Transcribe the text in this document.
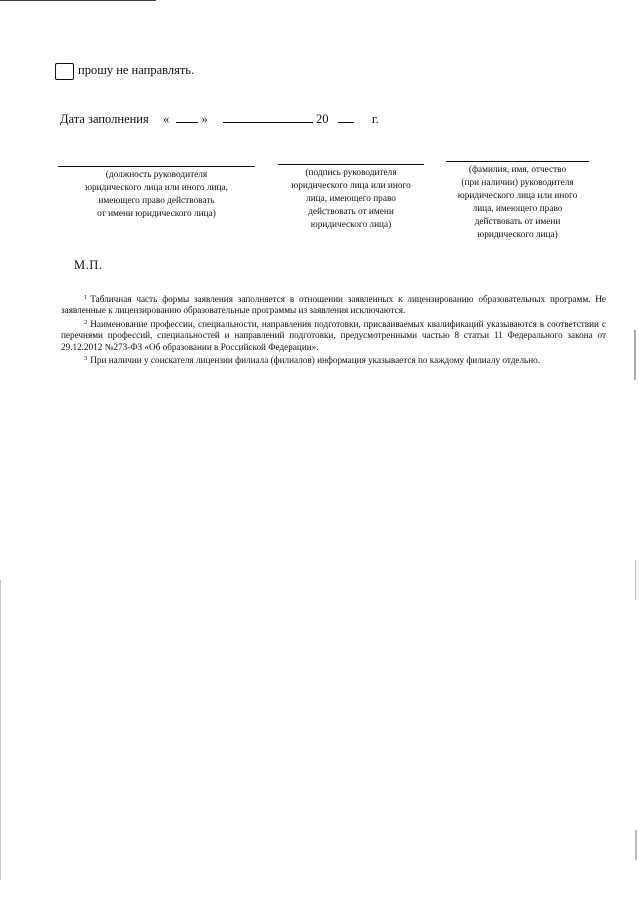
прошу не направлять.
Дата заполнения «	»	20	г.
(должность руководителя
юридического лица или иного лица,
имеющего право действовать
от имени юридического лица)
(подпись руководителя
юридического лица или иного
лица, имеющего право
действовать от имени
юридического лица)
(фамилия, имя, отчество
(при наличии) руководителя
юридического лица или иного
лица, имеющего право
действовать от имени
юридического лица)
М.П.

$^1$ Табличная часть формы заявления заполняется в отношении заявленных к лицензированию образовательных программ. Не заявленные к лицензированию образовательные программы из заявления исключаются.

$^2$ Наименование профессии, специальности, направления подготовки, присваиваемых квалификаций указываются в соответствии с перечнями профессий, специальностей и направлений подготовки, предусмотренными частью 8 статьи 11 Федерального закона от 29.12.2012 №273-ФЗ «Об образовании в Российской Федерации».

$^3$ При наличии у соискателя лицензии филиала (филиалов) информация указывается по каждому филиалу отдельно.
